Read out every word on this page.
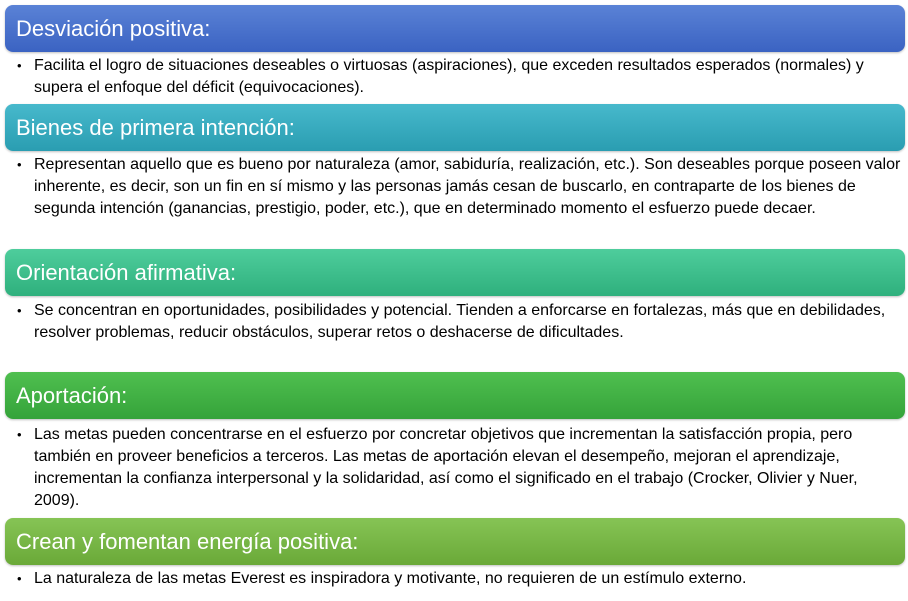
Desviación positiva:
• Facilita el logro de situaciones deseables o virtuosas (aspiraciones), que exceden resultados esperados (normales) y supera el enfoque del déficit (equivocaciones).
Bienes de primera intención:
• Representan aquello que es bueno por naturaleza (amor, sabiduría, realización, etc.). Son deseables porque poseen valor inherente, es decir, son un fin en sí mismo y las personas jamás cesan de buscarlo, en contraparte de los bienes de segunda intención (ganancias, prestigio, poder, etc.), que en determinado momento el esfuerzo puede decaer.
Orientación afirmativa:
• Se concentran en oportunidades, posibilidades y potencial. Tienden a enforcarse en fortalezas, más que en debilidades, resolver problemas, reducir obstáculos, superar retos o deshacerse de dificultades.
Aportación:
• Las metas pueden concentrarse en el esfuerzo por concretar objetivos que incrementan la satisfacción propia, pero también en proveer beneficios a terceros. Las metas de aportación elevan el desempeño, mejoran el aprendizaje, incrementan la confianza interpersonal y la solidaridad, así como el significado en el trabajo (Crocker, Olivier y Nuer, 2009).
Crean y fomentan energía positiva:
• La naturaleza de las metas Everest es inspiradora y motivante, no requieren de un estímulo externo.
